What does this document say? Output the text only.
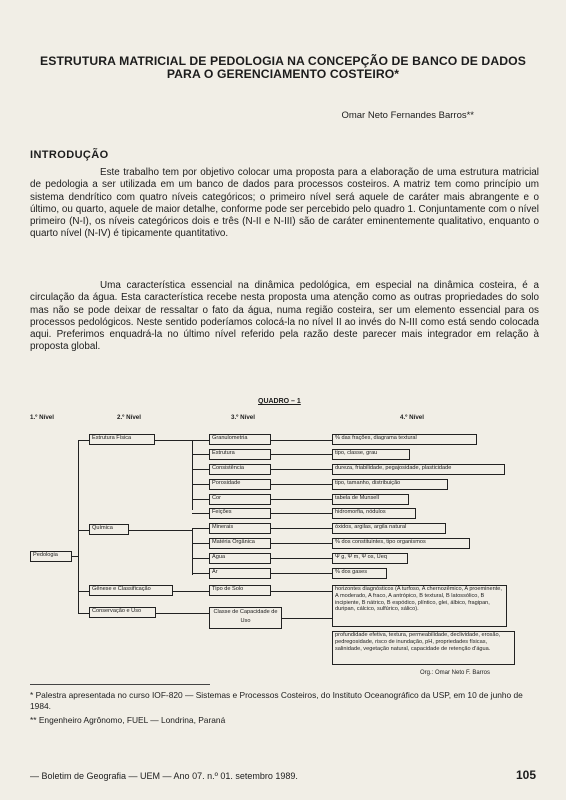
ESTRUTURA MATRICIAL DE PEDOLOGIA NA CONCEPÇÃO DE BANCO DE DADOS PARA O GERENCIAMENTO COSTEIRO*
Omar Neto Fernandes Barros**
INTRODUÇÃO
Este trabalho tem por objetivo colocar uma proposta para a elaboração de uma estrutura matricial de pedologia a ser utilizada em um banco de dados para processos costeiros. A matriz tem como princípio um sistema dendrítico com quatro níveis categóricos; o primeiro nível será aquele de caráter mais abrangente e o último, ou quarto, aquele de maior detalhe, conforme pode ser percebido pelo quadro 1. Conjuntamente com o nível primeiro (N-I), os níveis categóricos dois e três (N-II e N-III) são de caráter eminentemente qualitativo, enquanto o quarto nível (N-IV) é tipicamente quantitativo.
Uma característica essencial na dinâmica pedológica, em especial na dinâmica costeira, é a circulação da água. Esta característica recebe nesta proposta uma atenção como as outras propriedades do solo mas não se pode deixar de ressaltar o fato da água, numa região costeira, ser um elemento essencial para os processos pedológicos. Neste sentido poderíamos colocá-la no nível II ao invés do N-III como está sendo colocada aqui. Preferimos enquadrá-la no último nível referido pela razão deste parecer mais integrador em relação à proposta global.
QUADRO – 1
1.º Nível	2.º Nível	3.º Nível	4.º Nível
Pedologia
Estrutura Física
Química
Gênese e Classificação
Conservação e Uso
Granulometria
Estrutura
Consistência
Porosidade
Cor
Feições
Minerais
Matéria Orgânica
Água
Ar
Tipo de Solo
Classe de Capacidade de Uso
% das frações, diagrama textural
tipo, classe, grau
dureza, friabilidade, pegajosidade, plasticidade
tipo, tamanho, distribuição
tabela de Munsell
hidromorfia, nódulos
óxidos, argilas, argila natural
% dos constituintes, tipo organismos
Ψ g, Ψ m, Ψ os, Ueq
% dos gases
horizontes diagnósticos (A turfoso, A chernozêmico, A proeminente, A moderado, A fraco, A antrópico, B textural, B latossólico, B incipiente, B nátrico, B espódico, plíntico, glei, álbico, fragipan, duripan, cálcico, sulfúrico, sálico).
profundidade efetiva, textura, permeabilidade, declividade, erosão, pedregosidade, risco de inundação, pH, propriedades físicas, salinidade, vegetação natural, capacidade de retenção d'água.
Org.: Omar Neto F. Barros
* Palestra apresentada no curso IOF-820 — Sistemas e Processos Costeiros, do Instituto Oceanográfico da USP, em 10 de junho de 1984.
** Engenheiro Agrônomo, FUEL — Londrina, Paraná
— Boletim de Geografia — UEM — Ano 07. n.º 01. setembro 1989.	105
